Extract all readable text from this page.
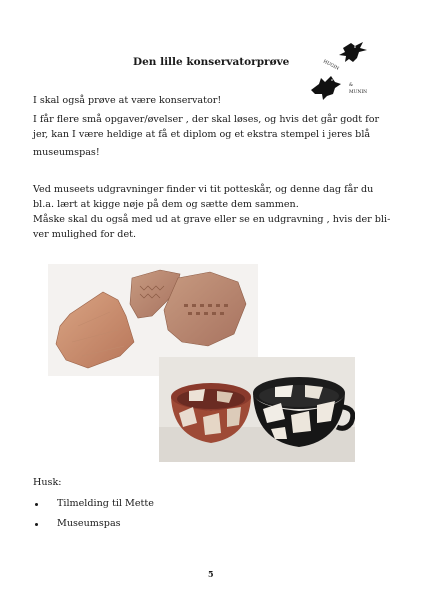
Den lille konservatorprøve	HUGIN
&
MUNIN

I skal også prøve at være konservator!

I får flere små opgaver/øvelser , der skal løses, og hvis det går godt for

jer, kan I være heldige at få et diplom og et ekstra stempel i jeres blå

museumspas!

Ved museets udgravninger finder vi tit potteskår, og denne dag får du

bl.a. lært at kigge nøje på dem og sætte dem sammen.

Måske skal du også med ud at grave eller se en udgravning , hvis der bli-

ver mulighed for det.

Husk:

Tilmelding til Mette
Museumspas
5
